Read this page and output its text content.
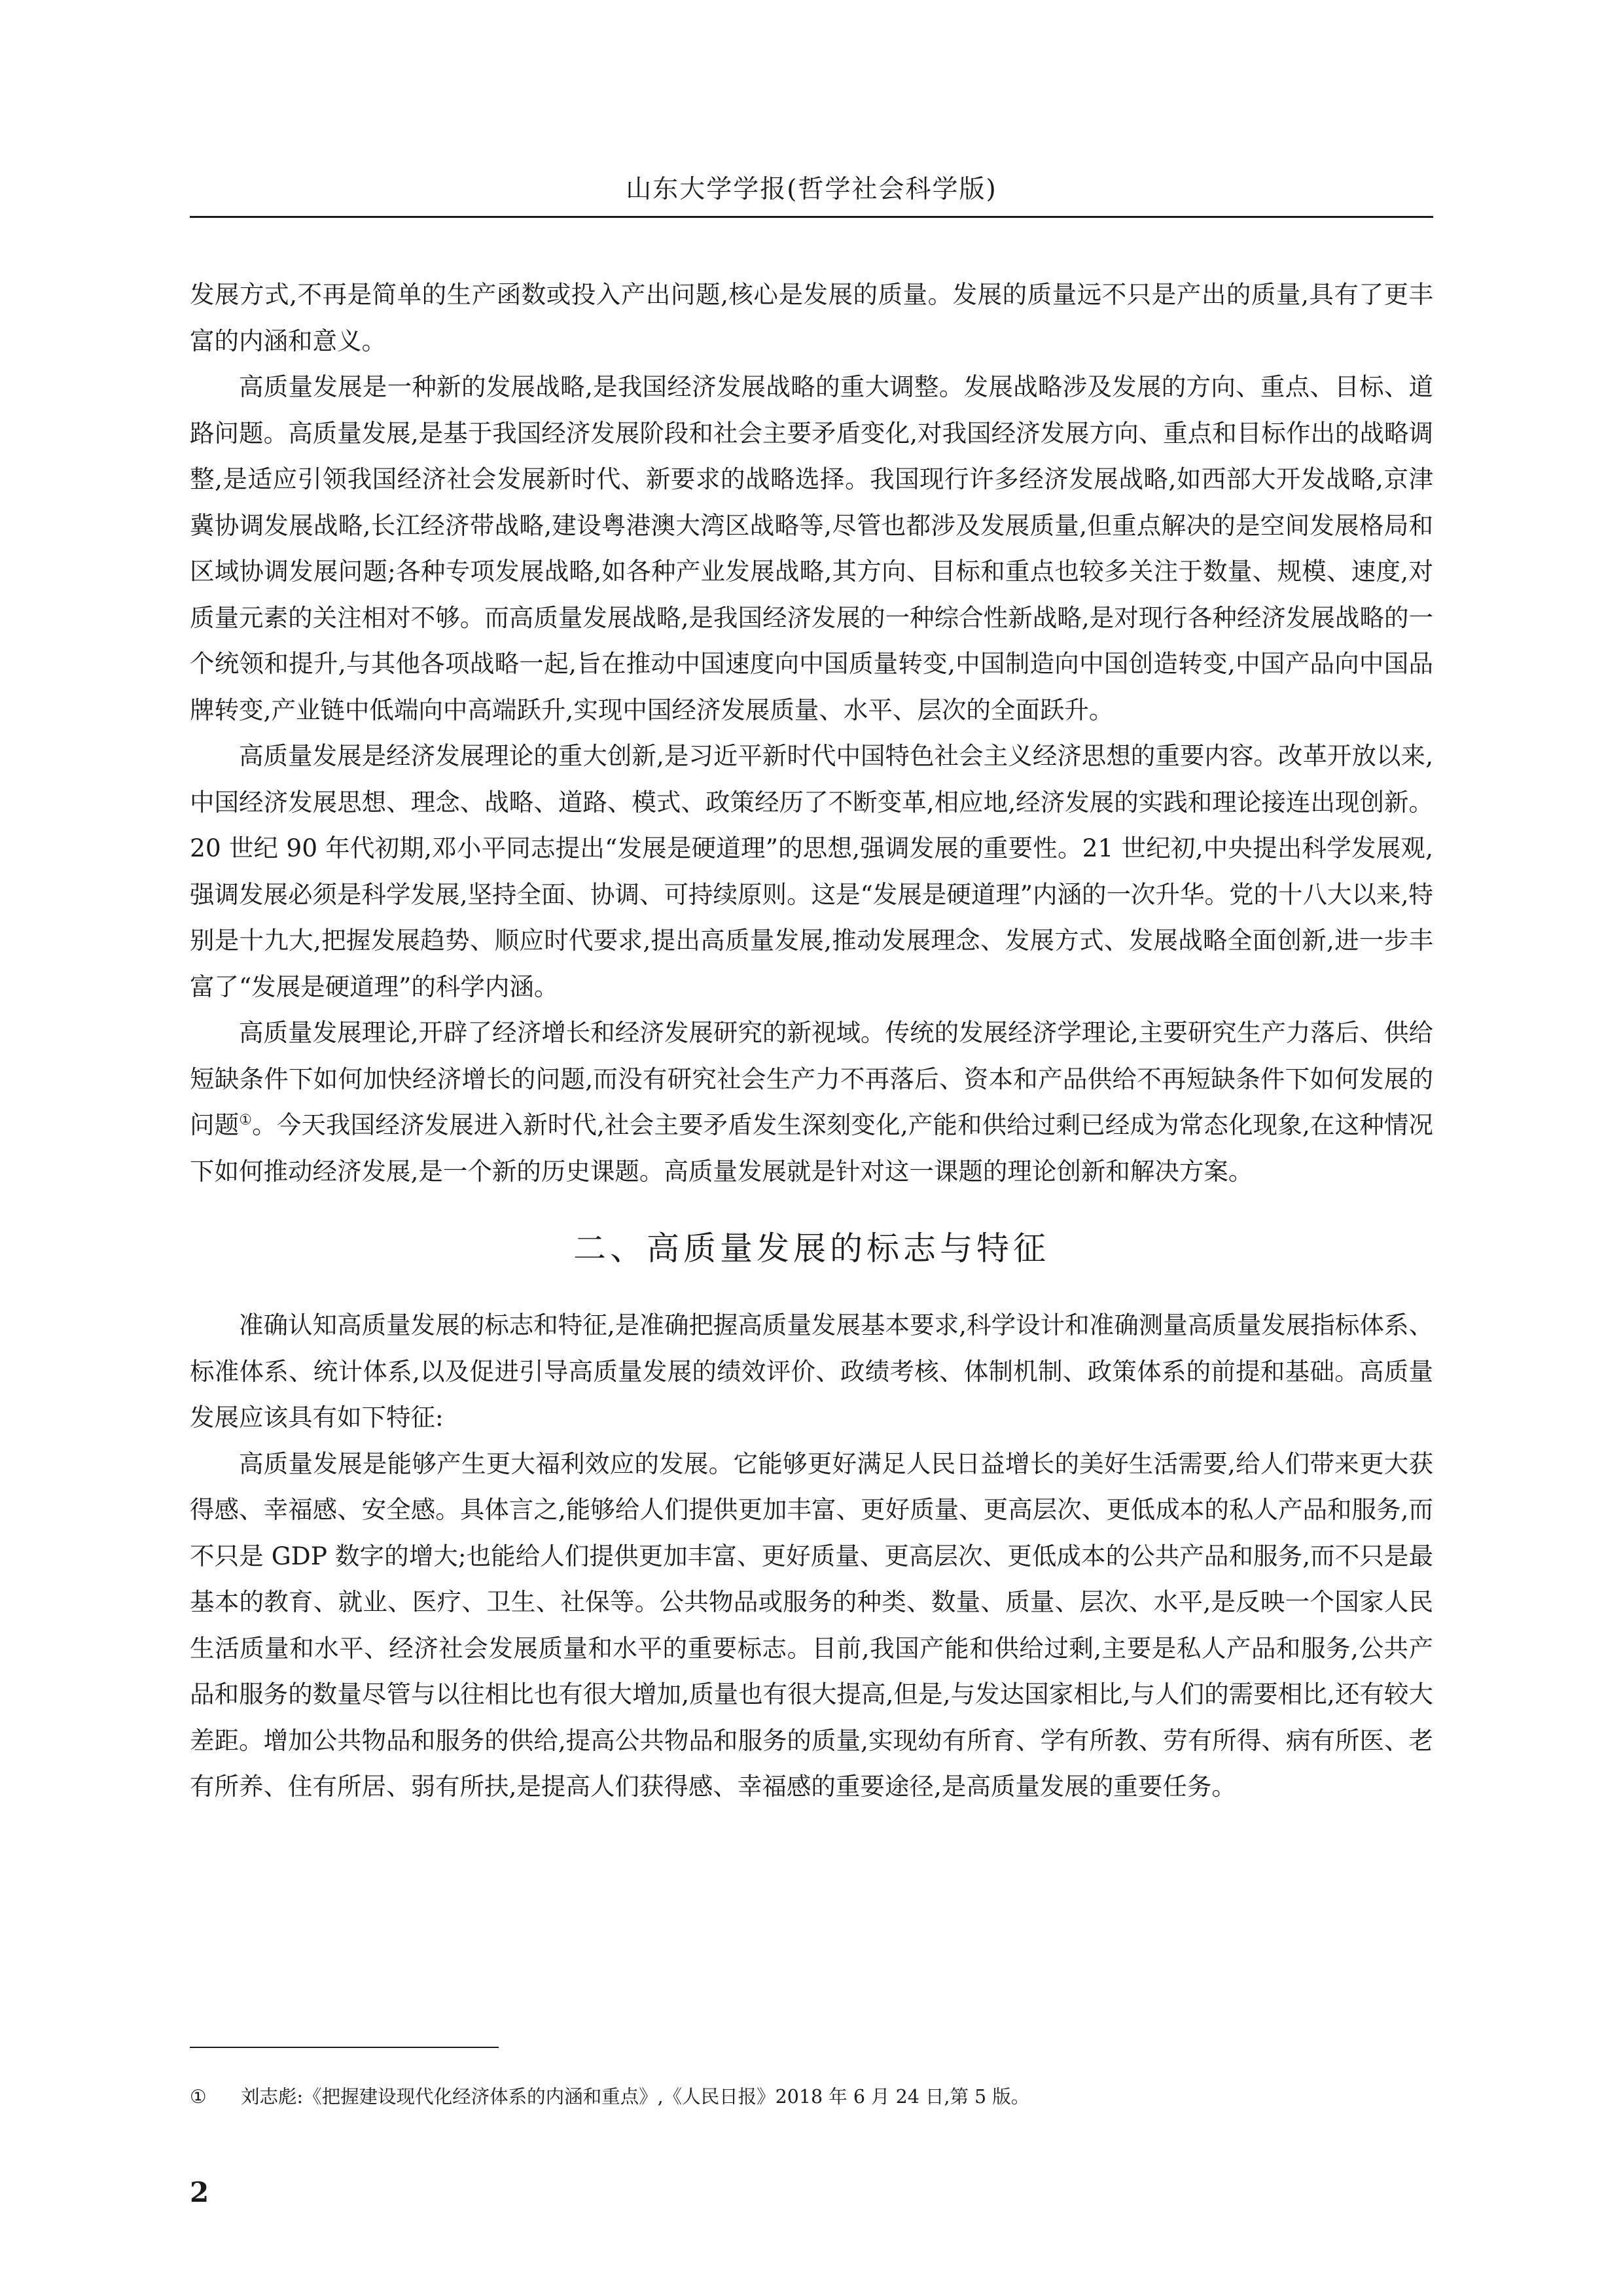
山东大学学报(哲学社会科学版)

发展方式,不再是简单的生产函数或投入产出问题,核心是发展的质量。发展的质量远不只是产出的质量,具有了更丰富的内涵和意义。

高质量发展是一种新的发展战略,是我国经济发展战略的重大调整。发展战略涉及发展的方向、重点、目标、道路问题。高质量发展,是基于我国经济发展阶段和社会主要矛盾变化,对我国经济发展方向、重点和目标作出的战略调整,是适应引领我国经济社会发展新时代、新要求的战略选择。我国现行许多经济发展战略,如西部大开发战略,京津冀协调发展战略,长江经济带战略,建设粤港澳大湾区战略等,尽管也都涉及发展质量,但重点解决的是空间发展格局和区域协调发展问题;各种专项发展战略,如各种产业发展战略,其方向、目标和重点也较多关注于数量、规模、速度,对质量元素的关注相对不够。而高质量发展战略,是我国经济发展的一种综合性新战略,是对现行各种经济发展战略的一个统领和提升,与其他各项战略一起,旨在推动中国速度向中国质量转变,中国制造向中国创造转变,中国产品向中国品牌转变,产业链中低端向中高端跃升,实现中国经济发展质量、水平、层次的全面跃升。

高质量发展是经济发展理论的重大创新,是习近平新时代中国特色社会主义经济思想的重要内容。改革开放以来,中国经济发展思想、理念、战略、道路、模式、政策经历了不断变革,相应地,经济发展的实践和理论接连出现创新。20 世纪 90 年代初期,邓小平同志提出“发展是硬道理”的思想,强调发展的重要性。21 世纪初,中央提出科学发展观,强调发展必须是科学发展,坚持全面、协调、可持续原则。这是“发展是硬道理”内涵的一次升华。党的十八大以来,特别是十九大,把握发展趋势、顺应时代要求,提出高质量发展,推动发展理念、发展方式、发展战略全面创新,进一步丰富了“发展是硬道理”的科学内涵。

高质量发展理论,开辟了经济增长和经济发展研究的新视域。传统的发展经济学理论,主要研究生产力落后、供给短缺条件下如何加快经济增长的问题,而没有研究社会生产力不再落后、资本和产品供给不再短缺条件下如何发展的问题①。今天我国经济发展进入新时代,社会主要矛盾发生深刻变化,产能和供给过剩已经成为常态化现象,在这种情况下如何推动经济发展,是一个新的历史课题。高质量发展就是针对这一课题的理论创新和解决方案。

二、高质量发展的标志与特征

准确认知高质量发展的标志和特征,是准确把握高质量发展基本要求,科学设计和准确测量高质量发展指标体系、标准体系、统计体系,以及促进引导高质量发展的绩效评价、政绩考核、体制机制、政策体系的前提和基础。高质量发展应该具有如下特征:

高质量发展是能够产生更大福利效应的发展。它能够更好满足人民日益增长的美好生活需要,给人们带来更大获得感、幸福感、安全感。具体言之,能够给人们提供更加丰富、更好质量、更高层次、更低成本的私人产品和服务,而不只是 GDP 数字的增大;也能给人们提供更加丰富、更好质量、更高层次、更低成本的公共产品和服务,而不只是最基本的教育、就业、医疗、卫生、社保等。公共物品或服务的种类、数量、质量、层次、水平,是反映一个国家人民生活质量和水平、经济社会发展质量和水平的重要标志。目前,我国产能和供给过剩,主要是私人产品和服务,公共产品和服务的数量尽管与以往相比也有很大增加,质量也有很大提高,但是,与发达国家相比,与人们的需要相比,还有较大差距。增加公共物品和服务的供给,提高公共物品和服务的质量,实现幼有所育、学有所教、劳有所得、病有所医、老有所养、住有所居、弱有所扶,是提高人们获得感、幸福感的重要途径,是高质量发展的重要任务。

① 刘志彪:《把握建设现代化经济体系的内涵和重点》,《人民日报》2018 年 6 月 24 日,第 5 版。
2
